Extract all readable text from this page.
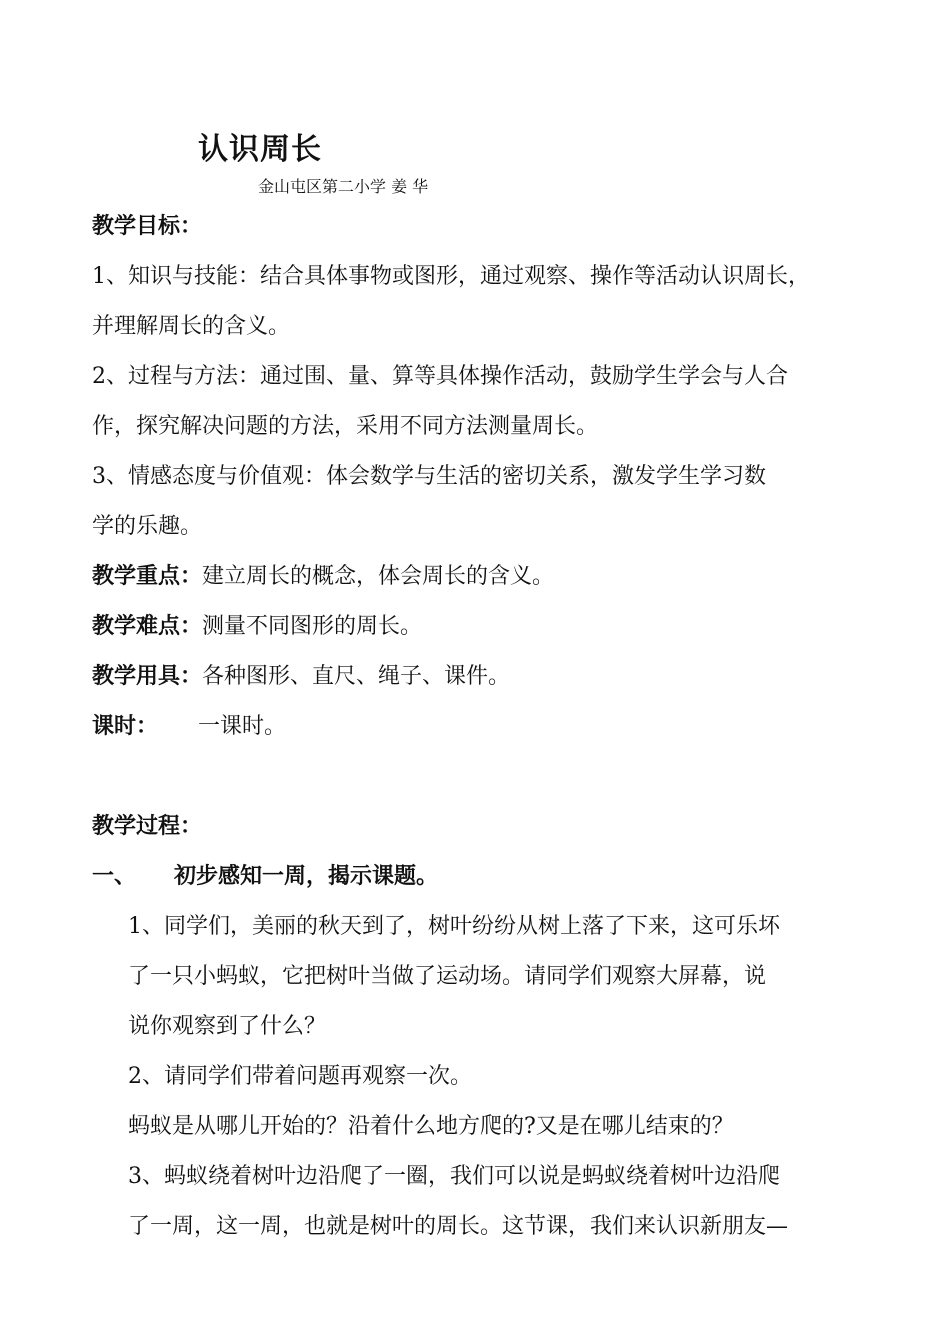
认识周长
金山屯区第二小学 姜 华
教学目标：
1、知识与技能：结合具体事物或图形，通过观察、操作等活动认识周长，
并理解周长的含义。
2、过程与方法：通过围、量、算等具体操作活动，鼓励学生学会与人合
作，探究解决问题的方法，采用不同方法测量周长。
3、情感态度与价值观：体会数学与生活的密切关系，激发学生学习数
学的乐趣。
教学重点：建立周长的概念，体会周长的含义。
教学难点：测量不同图形的周长。
教学用具：各种图形、直尺、绳子、课件。
课时： 一课时。
教学过程：
一、 初步感知一周，揭示课题。
1、同学们，美丽的秋天到了，树叶纷纷从树上落了下来，这可乐坏
了一只小蚂蚁，它把树叶当做了运动场。请同学们观察大屏幕，说
说你观察到了什么？
2、请同学们带着问题再观察一次。
蚂蚁是从哪儿开始的？沿着什么地方爬的?又是在哪儿结束的？
3、蚂蚁绕着树叶边沿爬了一圈，我们可以说是蚂蚁绕着树叶边沿爬
了一周，这一周，也就是树叶的周长。这节课，我们来认识新朋友—
